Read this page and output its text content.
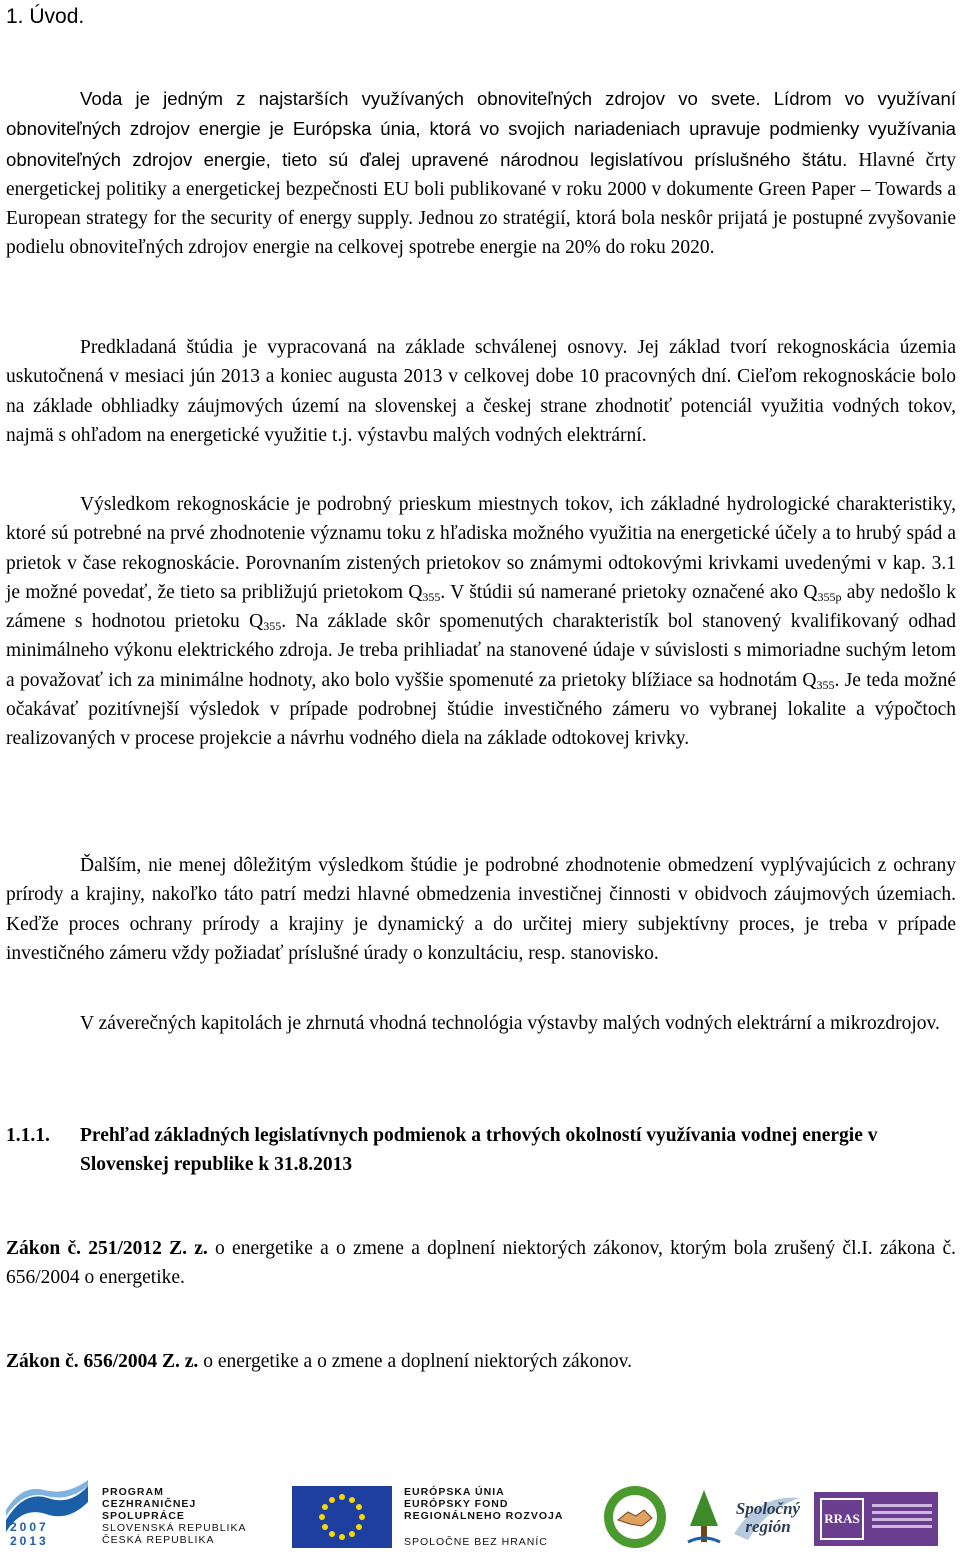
1. Úvod.

Voda je jedným z najstarších využívaných obnoviteľných zdrojov vo svete. Lídrom vo využívaní obnoviteľných zdrojov energie je Európska únia, ktorá vo svojich nariadeniach upravuje podmienky využívania obnoviteľných zdrojov energie, tieto sú ďalej upravené národnou legislatívou príslušného štátu. Hlavné črty energetickej politiky a energetickej bezpečnosti EU boli publikované v roku 2000 v dokumente Green Paper – Towards a European strategy for the security of energy supply. Jednou zo stratégií, ktorá bola neskôr prijatá je postupné zvyšovanie podielu obnoviteľných zdrojov energie na celkovej spotrebe energie na 20% do roku 2020.

Predkladaná štúdia je vypracovaná na základe schválenej osnovy. Jej základ tvorí rekognoskácia územia uskutočnená v mesiaci jún 2013 a koniec augusta 2013 v celkovej dobe 10 pracovných dní. Cieľom rekognoskácie bolo na základe obhliadky záujmových území na slovenskej a českej strane zhodnotiť potenciál využitia vodných tokov, najmä s ohľadom na energetické využitie t.j. výstavbu malých vodných elektrární.

Výsledkom rekognoskácie je podrobný prieskum miestnych tokov, ich základné hydrologické charakteristiky, ktoré sú potrebné na prvé zhodnotenie významu toku z hľadiska možného využitia na energetické účely a to hrubý spád a prietok v čase rekognoskácie. Porovnaním zistených prietokov so známymi odtokovými krivkami uvedenými v kap. 3.1 je možné povedať, že tieto sa približujú prietokom $Q_{355}$. V štúdii sú namerané prietoky označené ako $Q_{355p}$ aby nedošlo k zámene s hodnotou prietoku $Q_{355}$. Na základe skôr spomenutých charakteristík bol stanovený kvalifikovaný odhad minimálneho výkonu elektrického zdroja. Je treba prihliadať na stanovené údaje v súvislosti s mimoriadne suchým letom a považovať ich za minimálne hodnoty, ako bolo vyššie spomenuté za prietoky blížiace sa hodnotám $Q_{355}$. Je teda možné očakávať pozitívnejší výsledok v prípade podrobnej štúdie investičného zámeru vo vybranej lokalite a výpočtoch realizovaných v procese projekcie a návrhu vodného diela na základe odtokovej krivky.

Ďalším, nie menej dôležitým výsledkom štúdie je podrobné zhodnotenie obmedzení vyplývajúcich z ochrany prírody a krajiny, nakoľko táto patrí medzi hlavné obmedzenia investičnej činnosti v obidvoch záujmových územiach. Keďže proces ochrany prírody a krajiny je dynamický a do určitej miery subjektívny proces, je treba v prípade investičného zámeru vždy požiadať príslušné úrady o konzultáciu, resp. stanovisko.

V záverečných kapitolách je zhrnutá vhodná technológia výstavby malých vodných elektrární a mikrozdrojov.

1.1.1. Prehľad základných legislatívnych podmienok a trhových okolností využívania vodnej energie v Slovenskej republike k 31.8.2013

Zákon č. 251/2012 Z. z. o energetike a o zmene a doplnení niektorých zákonov, ktorým bola zrušený čl.I. zákona č. 656/2004 o energetike.

Zákon č. 656/2004 Z. z. o energetike a o zmene a doplnení niektorých zákonov.

2007
2013
PROGRAM
CEZHRANIČNEJ
SPOLUPRÁCE
SLOVENSKÁ REPUBLIKA
ČESKÁ REPUBLIKA
EURÓPSKA ÚNIA
EURÓPSKY FOND
REGIONÁLNEHO ROZVOJA
SPOLOČNE BEZ HRANÍC
Spoločný región	RRAS
